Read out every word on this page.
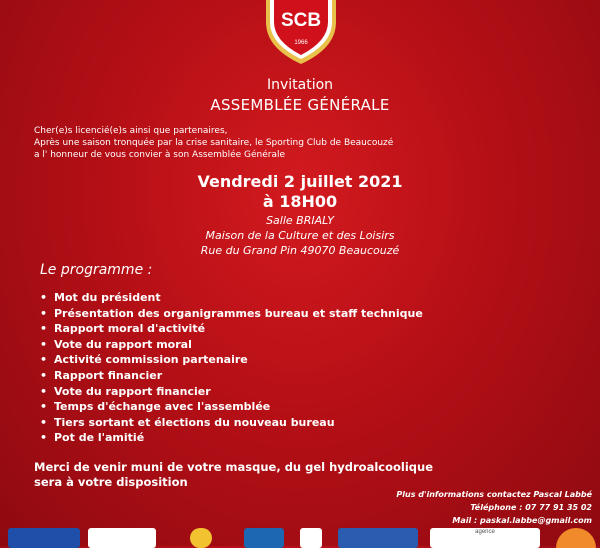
SCB
1966
Invitation
ASSEMBLÉE GÉNÉRALE
Cher(e)s licencié(e)s ainsi que partenaires,
Après une saison tronquée par la crise sanitaire, le Sporting Club de Beaucouzé
a l' honneur de vous convier à son Assemblée Générale
Vendredi 2 juillet 2021
à 18H00
Salle BRIALY
Maison de la Culture et des Loisirs
Rue du Grand Pin 49070 Beaucouzé
Le programme :
• Mot du président
• Présentation des organigrammes bureau et staff technique
• Rapport moral d'activité
• Vote du rapport moral
• Activité commission partenaire
• Rapport financier
• Vote du rapport financier
• Temps d'échange avec l'assemblée
• Tiers sortant et élections du nouveau bureau
• Pot de l'amitié
Merci de venir muni de votre masque, du gel hydroalcoolique
sera à votre disposition
Plus d'informations contactez Pascal Labbé
Téléphone : 07 77 91 35 02
Mail : paskal.labbe@gmail.com
agence
